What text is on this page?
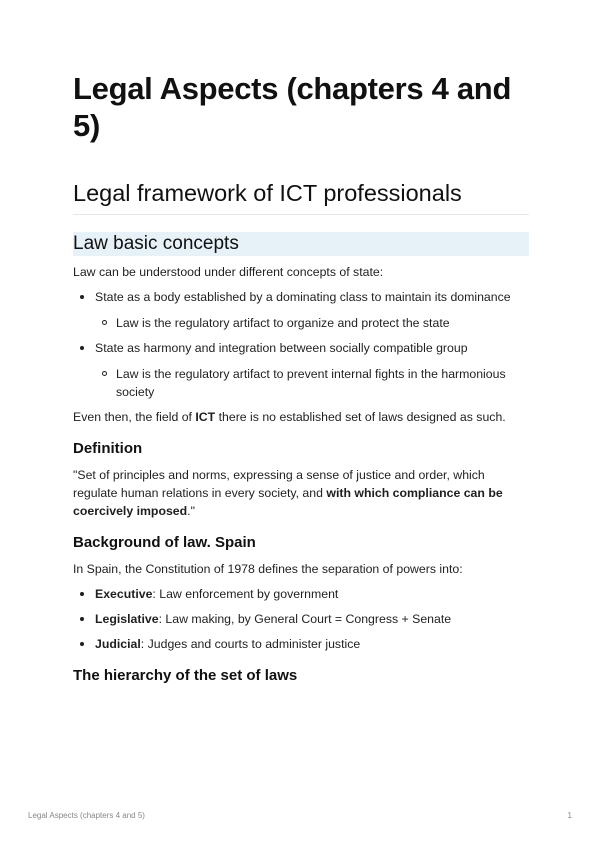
Legal Aspects (chapters 4 and 5)
Legal framework of ICT professionals
Law basic concepts

Law can be understood under different concepts of state:

State as a body established by a dominating class to maintain its dominance
Law is the regulatory artifact to organize and protect the state
State as harmony and integration between socially compatible group
Law is the regulatory artifact to prevent internal fights in the harmonious society

Even then, the field of ICT there is no established set of laws designed as such.

Definition

"Set of principles and norms, expressing a sense of justice and order, which regulate human relations in every society, and with which compliance can be coercively imposed."

Background of law. Spain

In Spain, the Constitution of 1978 defines the separation of powers into:

Executive: Law enforcement by government
Legislative: Law making, by General Court = Congress + Senate
Judicial: Judges and courts to administer justice
The hierarchy of the set of laws
Legal Aspects (chapters 4 and 5)	1
